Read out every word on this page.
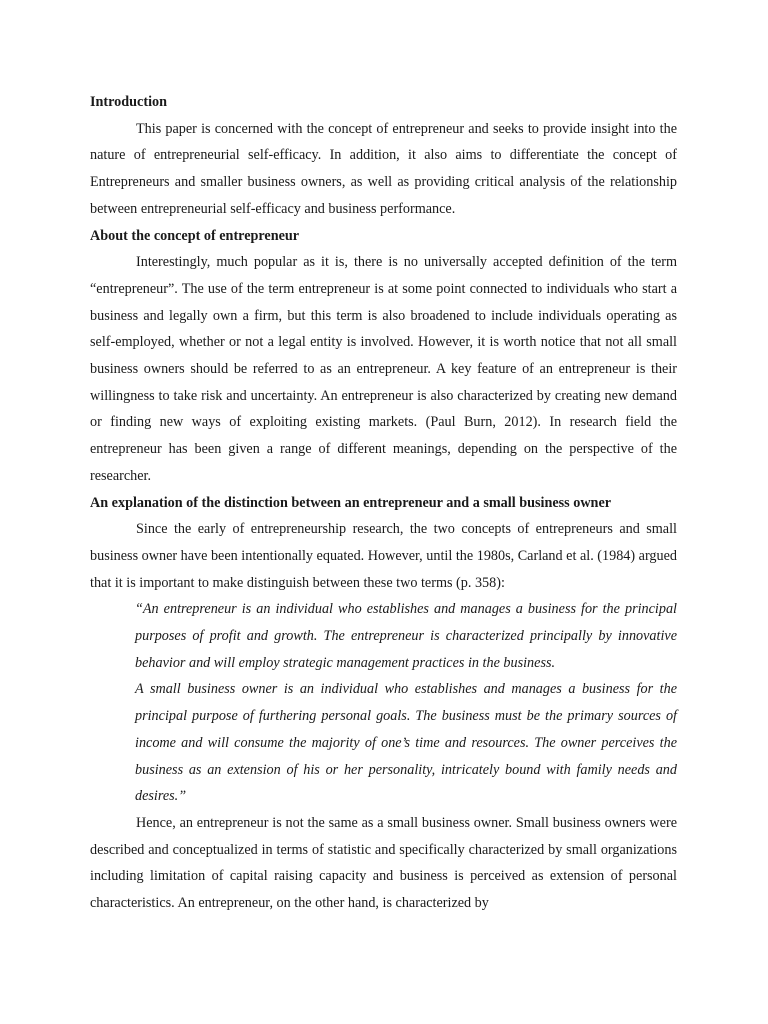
Introduction

This paper is concerned with the concept of entrepreneur and seeks to provide insight into the nature of entrepreneurial self-efficacy. In addition, it also aims to differentiate the concept of Entrepreneurs and smaller business owners, as well as providing critical analysis of the relationship between entrepreneurial self-efficacy and business performance.

About the concept of entrepreneur

Interestingly, much popular as it is, there is no universally accepted definition of the term “entrepreneur”. The use of the term entrepreneur is at some point connected to individuals who start a business and legally own a firm, but this term is also broadened to include individuals operating as self-employed, whether or not a legal entity is involved. However, it is worth notice that not all small business owners should be referred to as an entrepreneur. A key feature of an entrepreneur is their willingness to take risk and uncertainty. An entrepreneur is also characterized by creating new demand or finding new ways of exploiting existing markets. (Paul Burn, 2012). In research field the entrepreneur has been given a range of different meanings, depending on the perspective of the researcher.

An explanation of the distinction between an entrepreneur and a small business owner

Since the early of entrepreneurship research, the two concepts of entrepreneurs and small business owner have been intentionally equated. However, until the 1980s, Carland et al. (1984) argued that it is important to make distinguish between these two terms (p. 358):

“An entrepreneur is an individual who establishes and manages a business for the principal purposes of profit and growth. The entrepreneur is characterized principally by innovative behavior and will employ strategic management practices in the business.

A small business owner is an individual who establishes and manages a business for the principal purpose of furthering personal goals. The business must be the primary sources of income and will consume the majority of one’s time and resources. The owner perceives the business as an extension of his or her personality, intricately bound with family needs and desires.”

Hence, an entrepreneur is not the same as a small business owner. Small business owners were described and conceptualized in terms of statistic and specifically characterized by small organizations including limitation of capital raising capacity and business is perceived as extension of personal characteristics. An entrepreneur, on the other hand, is characterized by
